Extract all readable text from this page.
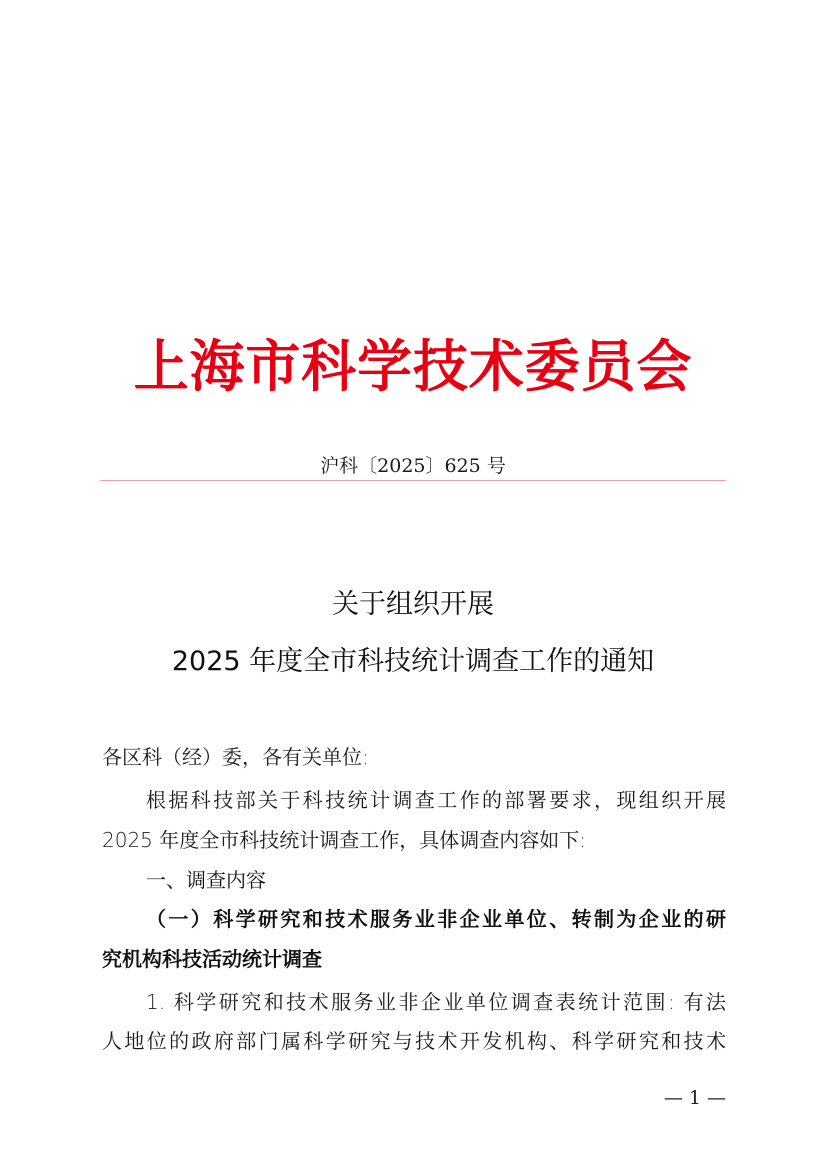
上海市科学技术委员会
沪科〔2025〕625 号
关于组织开展
2025 年度全市科技统计调查工作的通知
各区科（经）委，各有关单位:
根据科技部关于科技统计调查工作的部署要求，现组织开展
2025 年度全市科技统计调查工作，具体调查内容如下:
一、调查内容
（一）科学研究和技术服务业非企业单位、转制为企业的研
究机构科技活动统计调查
1. 科学研究和技术服务业非企业单位调查表统计范围: 有法
人地位的政府部门属科学研究与技术开发机构、科学研究和技术
— 1 —
